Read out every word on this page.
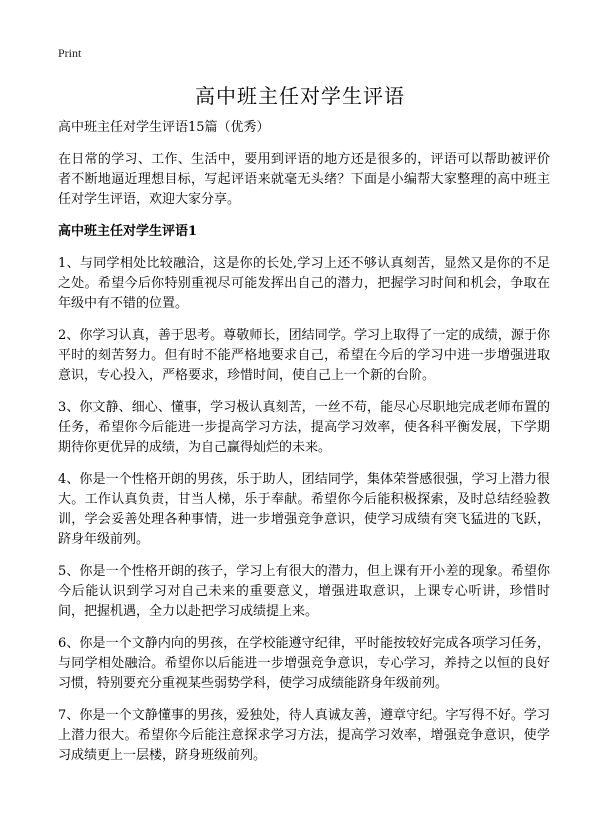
Print
高中班主任对学生评语
高中班主任对学生评语15篇（优秀）

在日常的学习、工作、生活中，要用到评语的地方还是很多的，评语可以帮助被评价者不断地逼近理想目标，写起评语来就毫无头绪？下面是小编帮大家整理的高中班主任对学生评语，欢迎大家分享。

高中班主任对学生评语1

1、与同学相处比较融洽，这是你的长处,学习上还不够认真刻苦，显然又是你的不足之处。希望今后你特别重视尽可能发挥出自己的潜力，把握学习时间和机会，争取在年级中有不错的位置。

2、你学习认真，善于思考。尊敬师长，团结同学。学习上取得了一定的成绩，源于你平时的刻苦努力。但有时不能严格地要求自己，希望在今后的学习中进一步增强进取意识，专心投入，严格要求，珍惜时间，使自己上一个新的台阶。

3、你文静、细心、懂事，学习极认真刻苦，一丝不苟，能尽心尽职地完成老师布置的任务，希望你今后能进一步提高学习方法，提高学习效率，使各科平衡发展，下学期期待你更优异的成绩，为自己赢得灿烂的未来。

4、你是一个性格开朗的男孩，乐于助人，团结同学，集体荣誉感很强，学习上潜力很大。工作认真负责，甘当人梯，乐于奉献。希望你今后能积极探索，及时总结经验教训，学会妥善处理各种事情，进一步增强竞争意识，使学习成绩有突飞猛进的飞跃，跻身年级前列。

5、你是一个性格开朗的孩子，学习上有很大的潜力，但上课有开小差的现象。希望你今后能认识到学习对自己未来的重要意义，增强进取意识，上课专心听讲，珍惜时间，把握机遇，全力以赴把学习成绩提上来。

6、你是一个文静内向的男孩，在学校能遵守纪律，平时能按较好完成各项学习任务，与同学相处融洽。希望你以后能进一步增强竞争意识，专心学习，养持之以恒的良好习惯，特别要充分重视某些弱势学科，使学习成绩能跻身年级前列。

7、你是一个文静懂事的男孩，爱独处，待人真诚友善，遵章守纪。字写得不好。学习上潜力很大。希望你今后能注意探求学习方法，提高学习效率，增强竞争意识，使学习成绩更上一层楼，跻身班级前列。
